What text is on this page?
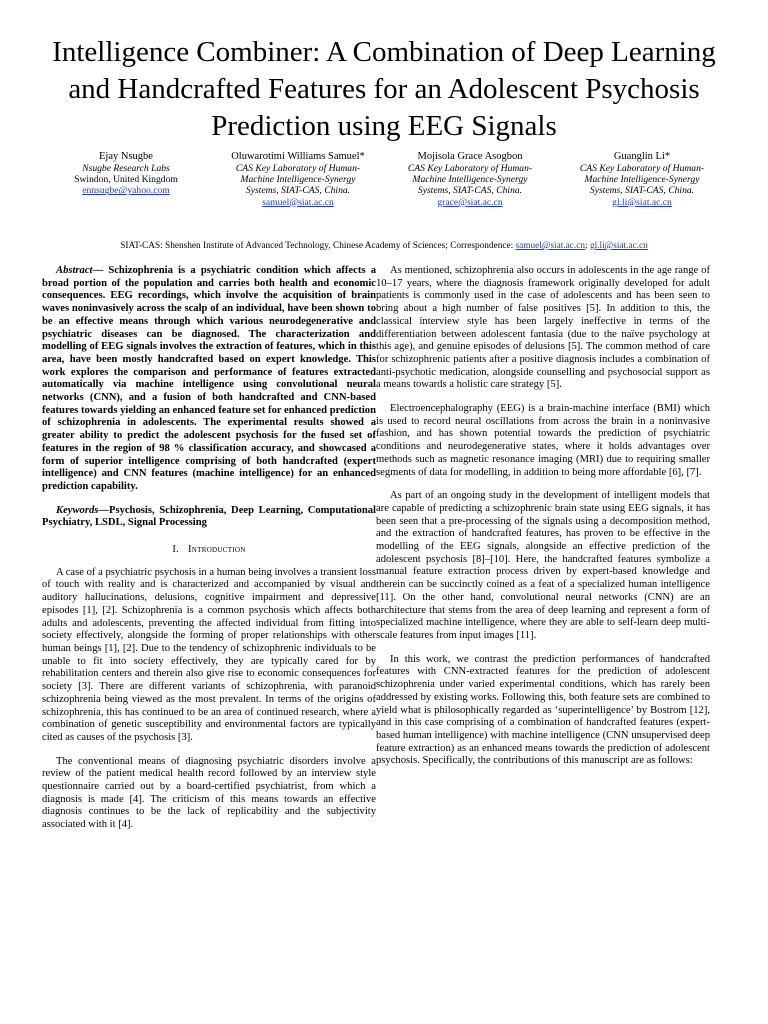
Intelligence Combiner: A Combination of Deep Learning and Handcrafted Features for an Adolescent Psychosis Prediction using EEG Signals
Ejay Nsugbe
Nsugbe Research Labs
Swindon, United Kingdom
ennsugbe@yahoo.com
Oluwarotimi Williams Samuel*
CAS Key Laboratory of Human-
Machine Intelligence-Synergy
Systems, SIAT-CAS, China.
samuel@siat.ac.cn
Mojisola Grace Asogbon
CAS Key Laboratory of Human-
Machine Intelligence-Synergy
Systems, SIAT-CAS, China.
grace@siat.ac.cn
Guanglin Li*
CAS Key Laboratory of Human-
Machine Intelligence-Synergy
Systems, SIAT-CAS, China.
gl.li@siat.ac.cn
SIAT-CAS: Shenshen Institute of Advanced Technology, Chinese Academy of Sciences; Correspondence: samuel@siat.ac.cn; gl.li@siat.ac.cn

Abstract— Schizophrenia is a psychiatric condition which affects a broad portion of the population and carries both health and economic consequences. EEG recordings, which involve the acquisition of brain waves noninvasively across the scalp of an individual, have been shown to be an effective means through which various neurodegenerative and psychiatric diseases can be diagnosed. The characterization and modelling of EEG signals involves the extraction of features, which in this area, have been mostly handcrafted based on expert knowledge. This work explores the comparison and performance of features extracted automatically via machine intelligence using convolutional neural networks (CNN), and a fusion of both handcrafted and CNN-based features towards yielding an enhanced feature set for enhanced prediction of schizophrenia in adolescents. The experimental results showed a greater ability to predict the adolescent psychosis for the fused set of features in the region of 98 % classification accuracy, and showcased a form of superior intelligence comprising of both handcrafted (expert intelligence) and CNN features (machine intelligence) for an enhanced prediction capability.

Keywords—Psychosis, Schizophrenia, Deep Learning, Computational Psychiatry, LSDL, Signal Processing

I. Introduction

A case of a psychiatric psychosis in a human being involves a transient loss of touch with reality and is characterized and accompanied by visual and auditory hallucinations, delusions, cognitive impairment and depressive episodes [1], [2]. Schizophrenia is a common psychosis which affects both adults and adolescents, preventing the affected individual from fitting into society effectively, alongside the forming of proper relationships with other human beings [1], [2]. Due to the tendency of schizophrenic individuals to be unable to fit into society effectively, they are typically cared for by rehabilitation centers and therein also give rise to economic consequences for society [3]. There are different variants of schizophrenia, with paranoid schizophrenia being viewed as the most prevalent. In terms of the origins of schizophrenia, this has continued to be an area of continued research, where a combination of genetic susceptibility and environmental factors are typically cited as causes of the psychosis [3].

The conventional means of diagnosing psychiatric disorders involve a review of the patient medical health record followed by an interview style questionnaire carried out by a board-certified psychiatrist, from which a diagnosis is made [4]. The criticism of this means towards an effective diagnosis continues to be the lack of replicability and the subjectivity associated with it [4].

As mentioned, schizophrenia also occurs in adolescents in the age range of 10–17 years, where the diagnosis framework originally developed for adult patients is commonly used in the case of adolescents and has been seen to bring about a high number of false positives [5]. In addition to this, the classical interview style has been largely ineffective in terms of the differentiation between adolescent fantasia (due to the naïve psychology at this age), and genuine episodes of delusions [5]. The common method of care for schizophrenic patients after a positive diagnosis includes a combination of anti-psychotic medication, alongside counselling and psychosocial support as a means towards a holistic care strategy [5].

Electroencephalography (EEG) is a brain-machine interface (BMI) which is used to record neural oscillations from across the brain in a noninvasive fashion, and has shown potential towards the prediction of psychiatric conditions and neurodegenerative states, where it holds advantages over methods such as magnetic resonance imaging (MRI) due to requiring smaller segments of data for modelling, in addition to being more affordable [6], [7].

As part of an ongoing study in the development of intelligent models that are capable of predicting a schizophrenic brain state using EEG signals, it has been seen that a pre-processing of the signals using a decomposition method, and the extraction of handcrafted features, has proven to be effective in the modelling of the EEG signals, alongside an effective prediction of the adolescent psychosis [8]–[10]. Here, the handcrafted features symbolize a manual feature extraction process driven by expert-based knowledge and therein can be succinctly coined as a feat of a specialized human intelligence [11]. On the other hand, convolutional neural networks (CNN) are an architecture that stems from the area of deep learning and represent a form of specialized machine intelligence, where they are able to self-learn deep multi-scale features from input images [11].

In this work, we contrast the prediction performances of handcrafted features with CNN-extracted features for the prediction of adolescent schizophrenia under varied experimental conditions, which has rarely been addressed by existing works. Following this, both feature sets are combined to yield what is philosophically regarded as ‘superintelligence’ by Bostrom [12], and in this case comprising of a combination of handcrafted features (expert-based human intelligence) with machine intelligence (CNN unsupervised deep feature extraction) as an enhanced means towards the prediction of adolescent psychosis. Specifically, the contributions of this manuscript are as follows:
